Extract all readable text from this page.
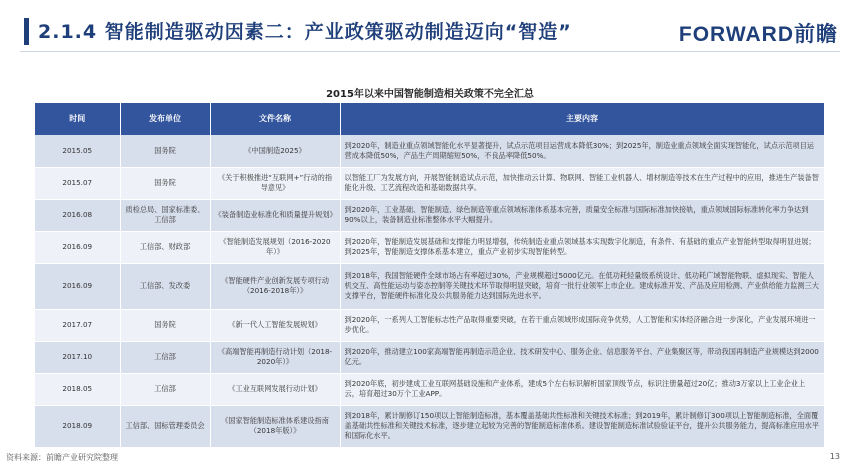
2.1.4 智能制造驱动因素二：产业政策驱动制造迈向“智造”	FORWARD前瞻
2015年以来中国智能制造相关政策不完全汇总
时间	发布单位	文件名称	主要内容
2015.05	国务院	《中国制造2025》	到2020年，制造业重点领域智能化水平显著提升，试点示范项目运营成本降低30%；到2025年，制造业重点领域全面实现智能化，试点示范项目运营成本降低50%，产品生产周期缩短50%，不良品率降低50%。
2015.07	国务院	《关于积极推进“互联网+”行动的指导意见》	以智能工厂为发展方向，开展智能制造试点示范，加快推动云计算、物联网、智能工业机器人、增材制造等技术在生产过程中的应用，推进生产装备智能化升级、工艺流程改造和基础数据共享。
2016.08	质检总局、国家标准委、工信部	《装备制造业标准化和质量提升规划》	到2020年，工业基础、智能制造、绿色制造等重点领域标准体系基本完善，质量安全标准与国际标准加快接轨，重点领域国际标准转化率力争达到90%以上，装备制造业标准整体水平大幅提升。
2016.09	工信部、财政部	《智能制造发展规划（2016-2020年）》	到2020年，智能制造发展基础和支撑能力明显增强，传统制造业重点领域基本实现数字化制造，有条件、有基础的重点产业智能转型取得明显进展；到2025年，智能制造支撑体系基本建立，重点产业初步实现智能转型。
2016.09	工信部、发改委	《智能硬件产业创新发展专项行动（2016-2018年）》	到2018年，我国智能硬件全球市场占有率超过30%，产业规模超过5000亿元。在低功耗轻量级系统设计、低功耗广域智能物联、虚拟现实、智能人机交互、高性能运动与姿态控制等关键技术环节取得明显突破，培育一批行业领军上市企业。建成标准开发、产品及应用检测、产业供给能力监测三大支撑平台，智能硬件标准化及公共服务能力达到国际先进水平。
2017.07	国务院	《新一代人工智能发展规划》	到2020年，一系列人工智能标志性产品取得重要突破，在若干重点领域形成国际竞争优势，人工智能和实体经济融合进一步深化，产业发展环境进一步优化。
2017.10	工信部	《高端智能再制造行动计划（2018-2020年）》	到2020年，推动建立100家高端智能再制造示范企业、技术研发中心、服务企业、信息服务平台、产业集聚区等，带动我国再制造产业规模达到2000亿元。
2018.05	工信部	《工业互联网发展行动计划》	到2020年底，初步建成工业互联网基础设施和产业体系，建成5个左右标识解析国家顶级节点，标识注册量超过20亿；推动3万家以上工业企业上云，培育超过30万个工业APP。
2018.09	工信部、国标管理委员会	《国家智能制造标准体系建设指南（2018年版）》	到2018年，累计制修订150项以上智能制造标准，基本覆盖基础共性标准和关键技术标准；到2019年，累计制修订300项以上智能制造标准，全面覆盖基础共性标准和关键技术标准，逐步建立起较为完善的智能制造标准体系。建设智能制造标准试验验证平台，提升公共服务能力，提高标准应用水平和国际化水平。
资料来源：前瞻产业研究院整理	13
